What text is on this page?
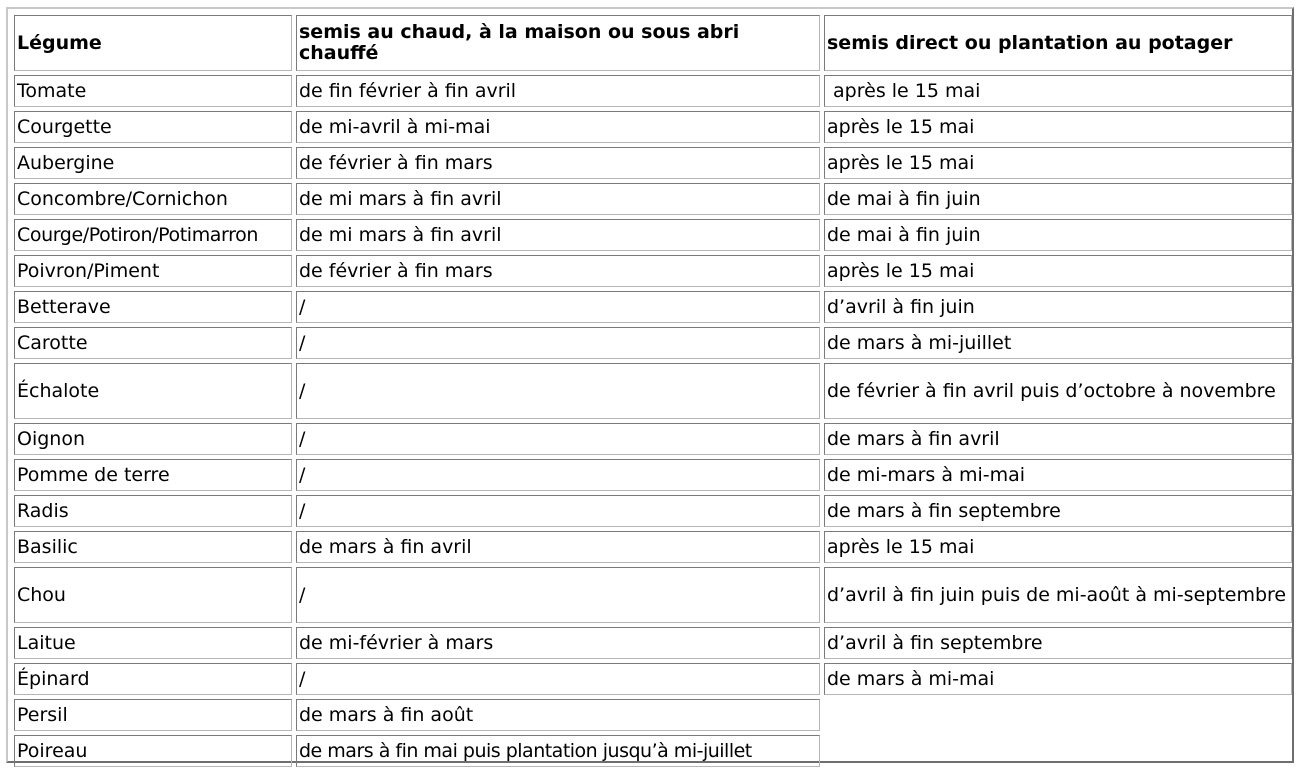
Légume	semis au chaud, à la maison ou sous abri chauffé	semis direct ou plantation au potager
Tomate	de fin février à fin avril	après le 15 mai
Courgette	de mi-avril à mi-mai	après le 15 mai
Aubergine	de février à fin mars	après le 15 mai
Concombre/Cornichon	de mi mars à fin avril	de mai à fin juin
Courge/Potiron/Potimarron	de mi mars à fin avril	de mai à fin juin
Poivron/Piment	de février à fin mars	après le 15 mai
Betterave	/	d’avril à fin juin
Carotte	/	de mars à mi-juillet
Échalote	/	de février à fin avril puis d’octobre à novembre
Oignon	/	de mars à fin avril
Pomme de terre	/	de mi-mars à mi-mai
Radis	/	de mars à fin septembre
Basilic	de mars à fin avril	après le 15 mai
Chou	/	d’avril à fin juin puis de mi-août à mi-septembre
Laitue	de mi-février à mars	d’avril à fin septembre
Épinard	/	de mars à mi-mai
Persil	de mars à fin août	
Poireau	de mars à fin mai puis plantation jusqu’à mi-juillet	
